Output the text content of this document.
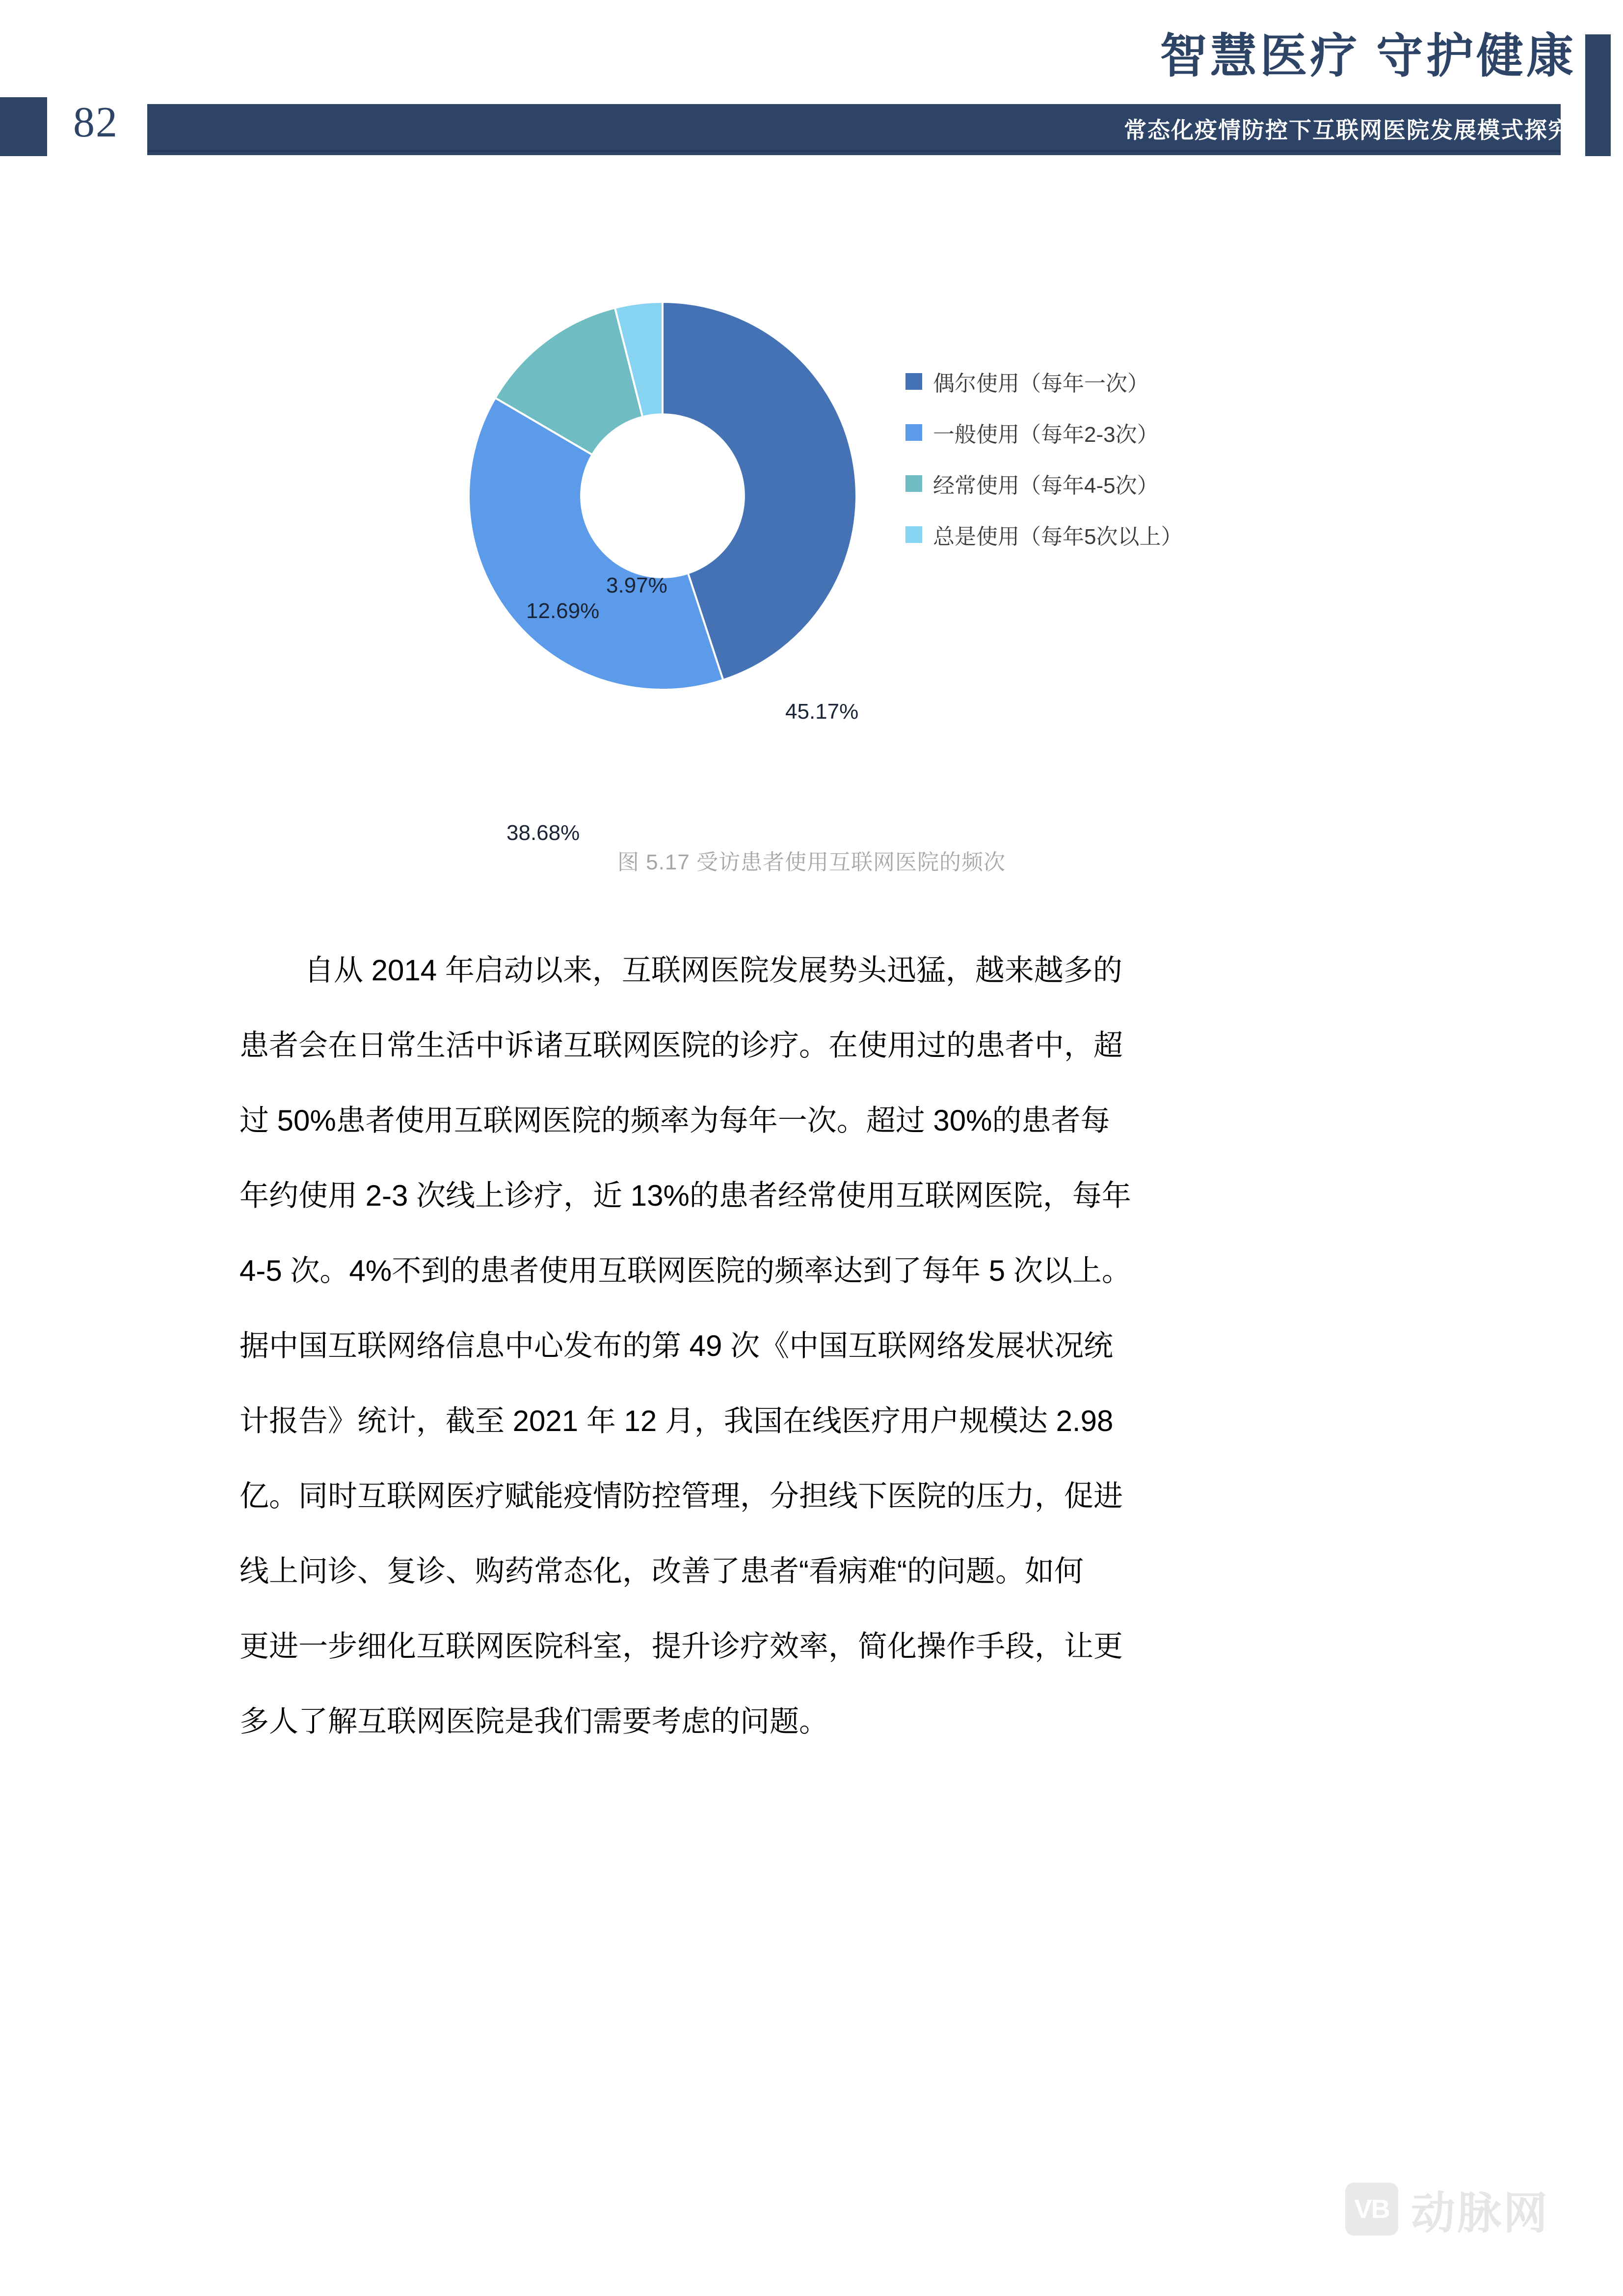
82
智慧医疗 守护健康
常态化疫情防控下互联网医院发展模式探究
45.17%
38.68%
12.69%
3.97%
偶尔使用（每年一次）
一般使用（每年2-3次）
经常使用（每年4-5次）
总是使用（每年5次以上）
图 5.17 受访患者使用互联网医院的频次
自从 2014 年启动以来，互联网医院发展势头迅猛，越来越多的
患者会在日常生活中诉诸互联网医院的诊疗。在使用过的患者中，超
过 50%患者使用互联网医院的频率为每年一次。超过 30%的患者每
年约使用 2-3 次线上诊疗，近 13%的患者经常使用互联网医院，每年
4-5 次。4%不到的患者使用互联网医院的频率达到了每年 5 次以上。
据中国互联网络信息中心发布的第 49 次《中国互联网络发展状况统
计报告》统计，截至 2021 年 12 月，我国在线医疗用户规模达 2.98
亿。同时互联网医疗赋能疫情防控管理，分担线下医院的压力，促进
线上问诊、复诊、购药常态化，改善了患者“看病难“的问题。如何
更进一步细化互联网医院科室，提升诊疗效率，简化操作手段，让更
多人了解互联网医院是我们需要考虑的问题。
VB 动脉网
